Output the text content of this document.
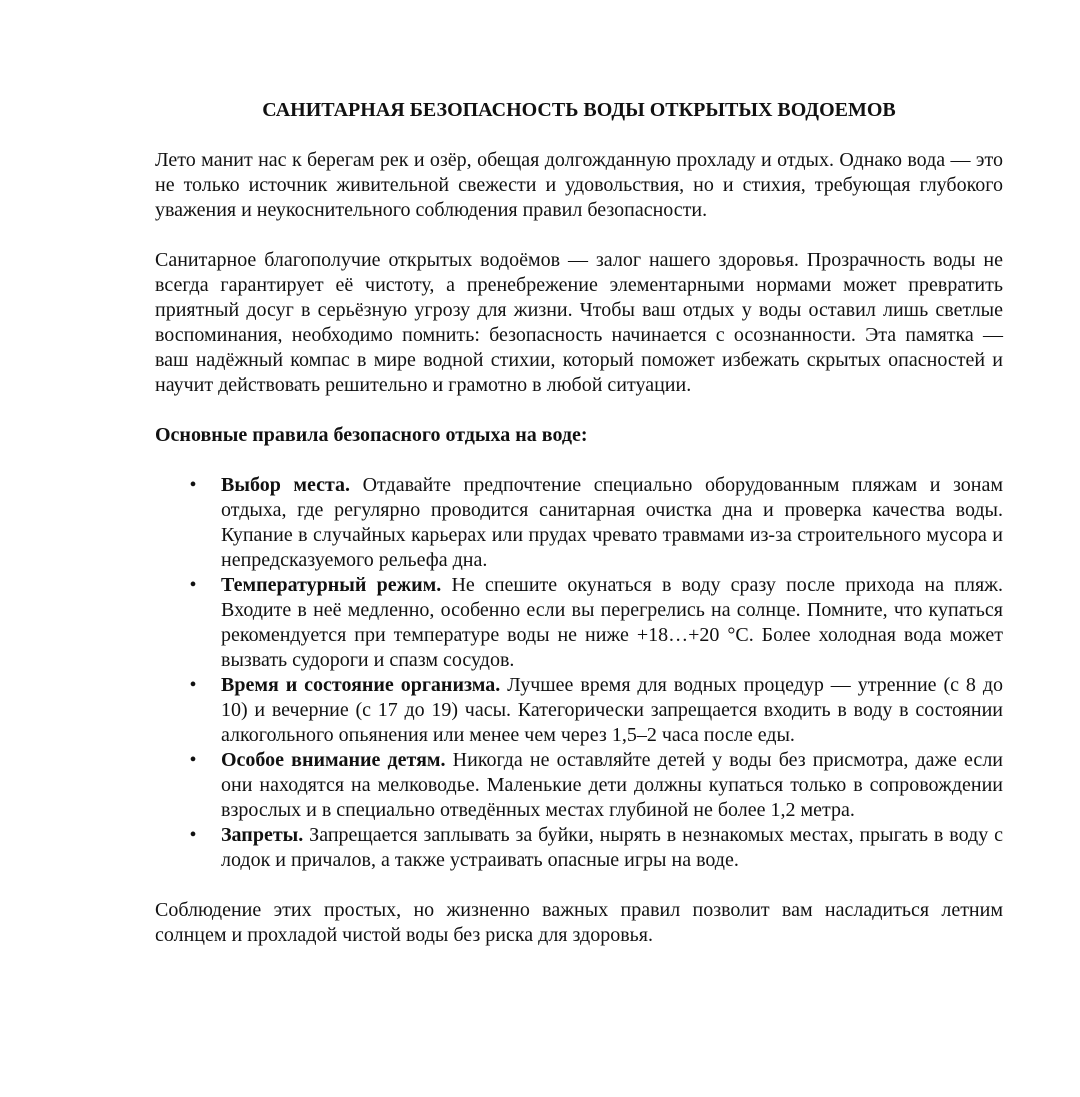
САНИТАРНАЯ БЕЗОПАСНОСТЬ ВОДЫ ОТКРЫТЫХ ВОДОЕМОВ

Лето манит нас к берегам рек и озёр, обещая долгожданную прохладу и отдых. Однако вода — это не только источник живительной свежести и удовольствия, но и стихия, требующая глубокого уважения и неукоснительного соблюдения правил безопасности.

Санитарное благополучие открытых водоёмов — залог нашего здоровья. Прозрачность воды не всегда гарантирует её чистоту, а пренебрежение элементарными нормами может превратить приятный досуг в серьёзную угрозу для жизни. Чтобы ваш отдых у воды оставил лишь светлые воспоминания, необходимо помнить: безопасность начинается с осознанности. Эта памятка — ваш надёжный компас в мире водной стихии, который поможет избежать скрытых опасностей и научит действовать решительно и грамотно в любой ситуации.

Основные правила безопасного отдыха на воде:
• Выбор места. Отдавайте предпочтение специально оборудованным пляжам и зонам отдыха, где регулярно проводится санитарная очистка дна и проверка качества воды. Купание в случайных карьерах или прудах чревато травмами из-за строительного мусора и непредсказуемого рельефа дна.
• Температурный режим. Не спешите окунаться в воду сразу после прихода на пляж. Входите в неё медленно, особенно если вы перегрелись на солнце. Помните, что купаться рекомендуется при температуре воды не ниже +18…+20 °C. Более холодная вода может вызвать судороги и спазм сосудов.
• Время и состояние организма. Лучшее время для водных процедур — утренние (с 8 до 10) и вечерние (с 17 до 19) часы. Категорически запрещается входить в воду в состоянии алкогольного опьянения или менее чем через 1,5–2 часа после еды.
• Особое внимание детям. Никогда не оставляйте детей у воды без присмотра, даже если они находятся на мелководье. Маленькие дети должны купаться только в сопровождении взрослых и в специально отведённых местах глубиной не более 1,2 метра.
• Запреты. Запрещается заплывать за буйки, нырять в незнакомых местах, прыгать в воду с лодок и причалов, а также устраивать опасные игры на воде.

Соблюдение этих простых, но жизненно важных правил позволит вам насладиться летним солнцем и прохладой чистой воды без риска для здоровья.
